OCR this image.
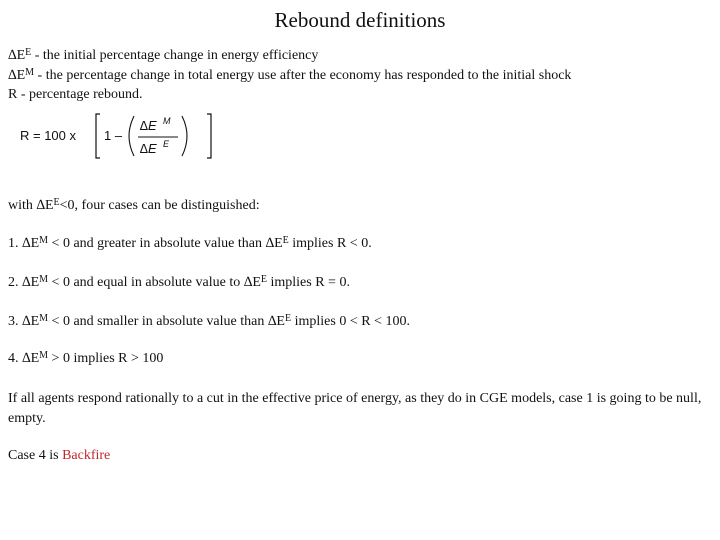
Rebound definitions
$\Delta E^E$ - the initial percentage change in energy efficiency
$\Delta E^M$ - the percentage change in total energy use after the economy has responded to the initial shock
R - percentage rebound.
R = 100 x 1 –
∆E M
∆E E
with $\Delta E^E<0$, four cases can be distinguished:
1. $\Delta E^M < 0$ and greater in absolute value than $\Delta E^E$ implies R < 0.
2. $\Delta E^M < 0$ and equal in absolute value to $\Delta E^E$ implies R = 0.
3. $\Delta E^M < 0$ and smaller in absolute value than $\Delta E^E$ implies 0 < R < 100.
4. $\Delta E^M > 0$ implies R > 100
If all agents respond rationally to a cut in the effective price of energy, as they do in CGE models, case 1 is going to be null, empty.
Case 4 is Backfire
